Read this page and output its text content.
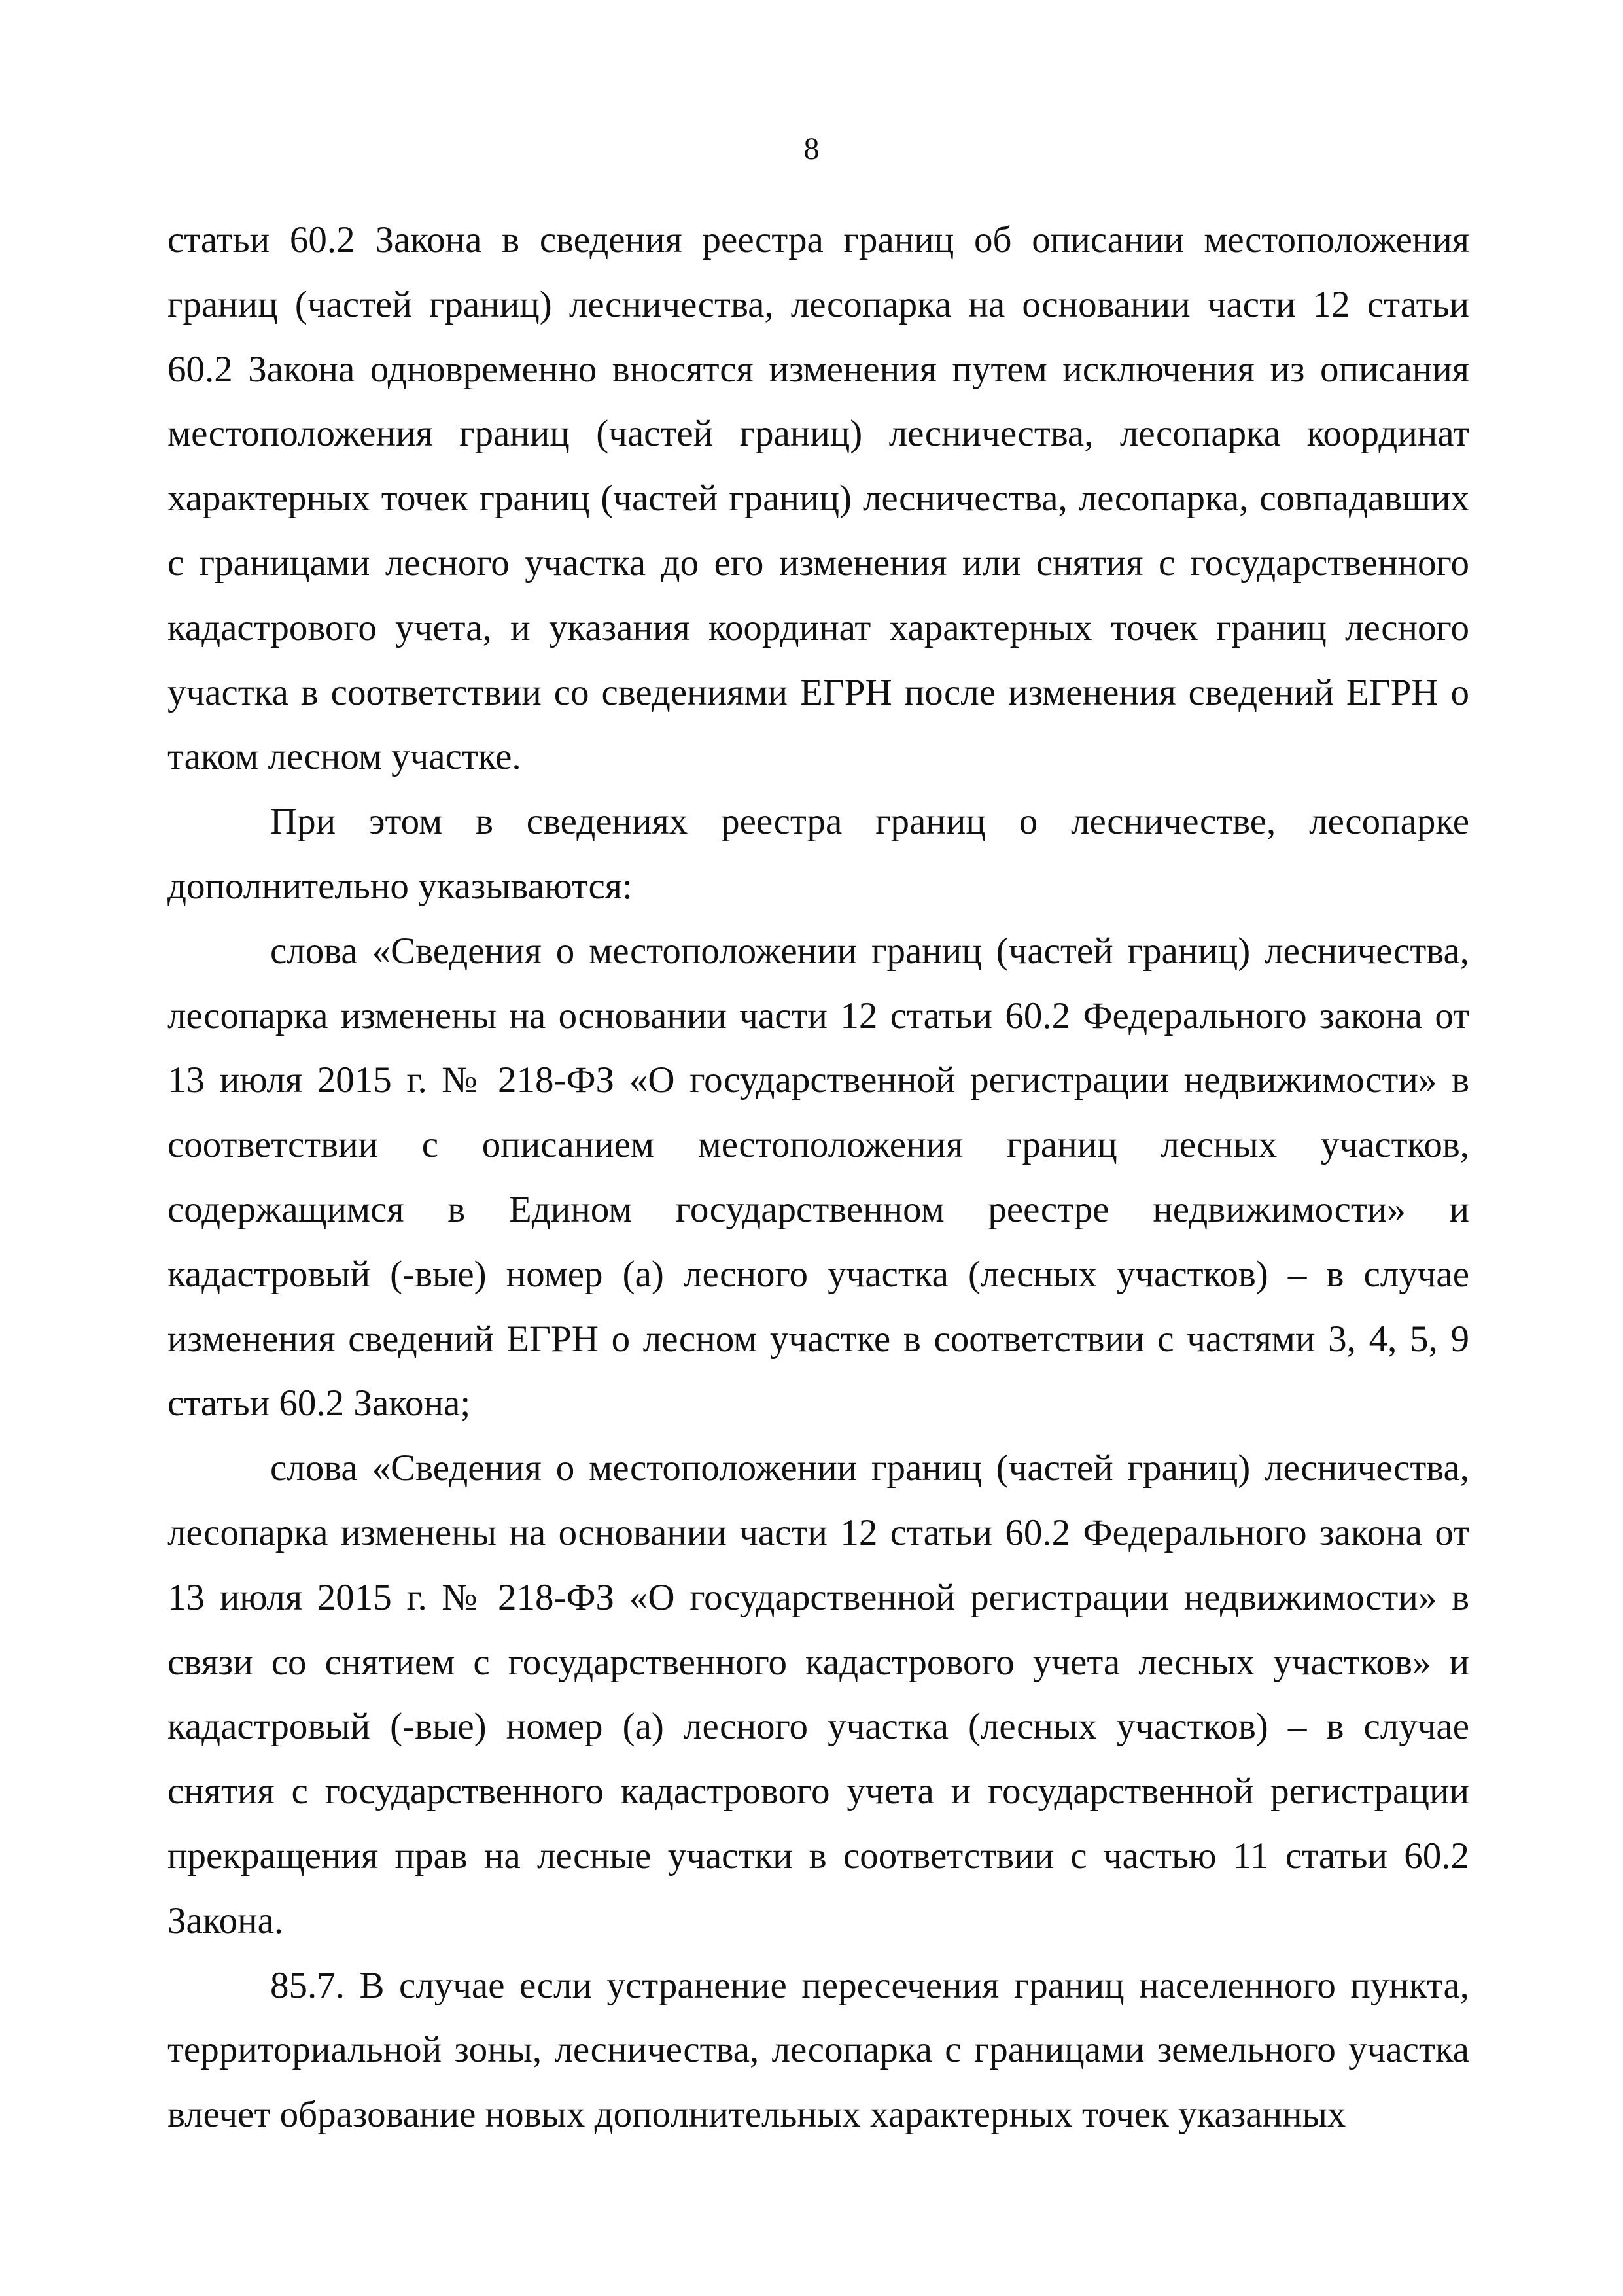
8

статьи 60.2 Закона в сведения реестра границ об описании местоположения границ (частей границ) лесничества, лесопарка на основании части 12 статьи 60.2 Закона одновременно вносятся изменения путем исключения из описания местоположения границ (частей границ) лесничества, лесопарка координат характерных точек границ (частей границ) лесничества, лесопарка, совпадавших с границами лесного участка до его изменения или снятия с государственного кадастрового учета, и указания координат характерных точек границ лесного участка в соответствии со сведениями ЕГРН после изменения сведений ЕГРН о таком лесном участке.

При этом в сведениях реестра границ о лесничестве, лесопарке дополнительно указываются:

слова «Сведения о местоположении границ (частей границ) лесничества, лесопарка изменены на основании части 12 статьи 60.2 Федерального закона от 13 июля 2015 г. № 218-ФЗ «О государственной регистрации недвижимости» в соответствии с описанием местоположения границ лесных участков, содержащимся в Едином государственном реестре недвижимости» и кадастровый (-вые) номер (а) лесного участка (лесных участков) – в случае изменения сведений ЕГРН о лесном участке в соответствии с частями 3, 4, 5, 9 статьи 60.2 Закона;

слова «Сведения о местоположении границ (частей границ) лесничества, лесопарка изменены на основании части 12 статьи 60.2 Федерального закона от 13 июля 2015 г. № 218-ФЗ «О государственной регистрации недвижимости» в связи со снятием с государственного кадастрового учета лесных участков» и кадастровый (-вые) номер (а) лесного участка (лесных участков) – в случае снятия с государственного кадастрового учета и государственной регистрации прекращения прав на лесные участки в соответствии с частью 11 статьи 60.2 Закона.

85.7. В случае если устранение пересечения границ населенного пункта, территориальной зоны, лесничества, лесопарка с границами земельного участка влечет образование новых дополнительных характерных точек указанных
